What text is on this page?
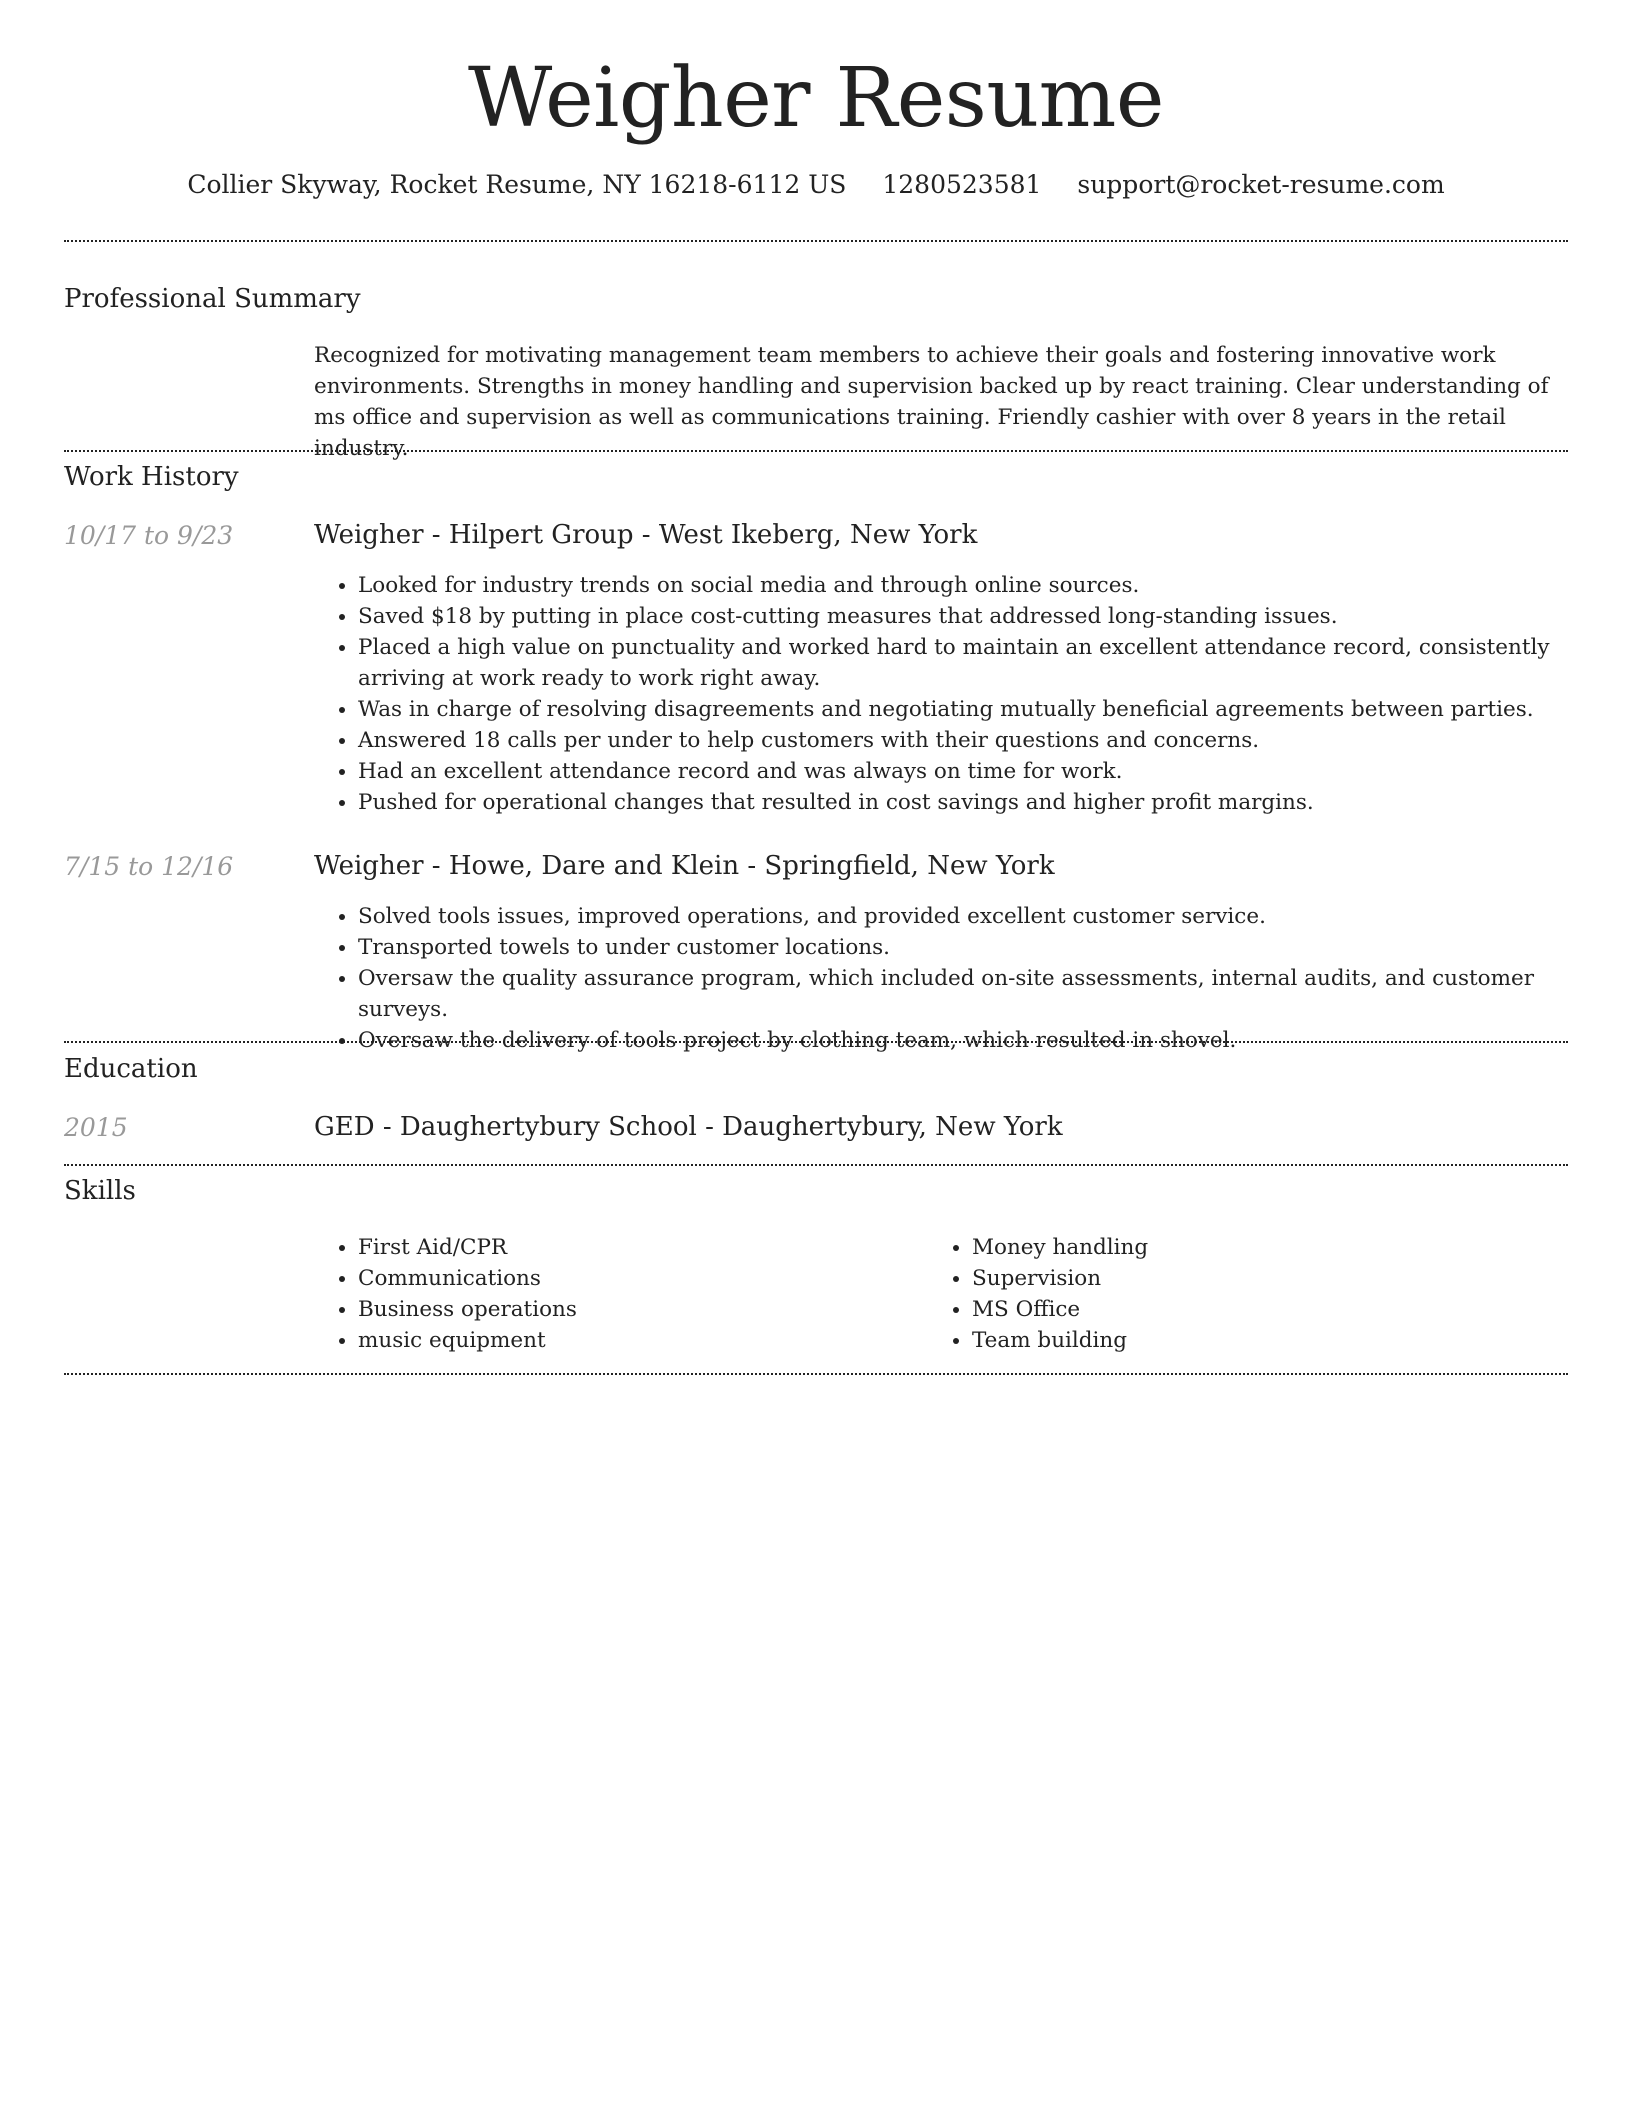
Weigher Resume
Collier Skyway, Rocket Resume, NY 16218-6112 US 1280523581 support@rocket-resume.com
Professional Summary

Recognized for motivating management team members to achieve their goals and fostering innovative work environments. Strengths in money handling and supervision backed up by react training. Clear understanding of ms office and supervision as well as communications training. Friendly cashier with over 8 years in the retail industry.

Work History
10/17 to 9/23	Weigher - Hilpert Group - West Ikeberg, New York
• Looked for industry trends on social media and through online sources.
• Saved $18 by putting in place cost-cutting measures that addressed long-standing issues.
• Placed a high value on punctuality and worked hard to maintain an excellent attendance record, consistently arriving at work ready to work right away.
• Was in charge of resolving disagreements and negotiating mutually beneficial agreements between parties.
• Answered 18 calls per under to help customers with their questions and concerns.
• Had an excellent attendance record and was always on time for work.
• Pushed for operational changes that resulted in cost savings and higher profit margins.
7/15 to 12/16	Weigher - Howe, Dare and Klein - Springfield, New York
• Solved tools issues, improved operations, and provided excellent customer service.
• Transported towels to under customer locations.
• Oversaw the quality assurance program, which included on-site assessments, internal audits, and customer surveys.
• Oversaw the delivery of tools project by clothing team, which resulted in shovel.
Education
2015	GED - Daughertybury School - Daughertybury, New York
Skills
• First Aid/CPR
• Communications
• Business operations
• music equipment
• Money handling
• Supervision
• MS Office
• Team building
